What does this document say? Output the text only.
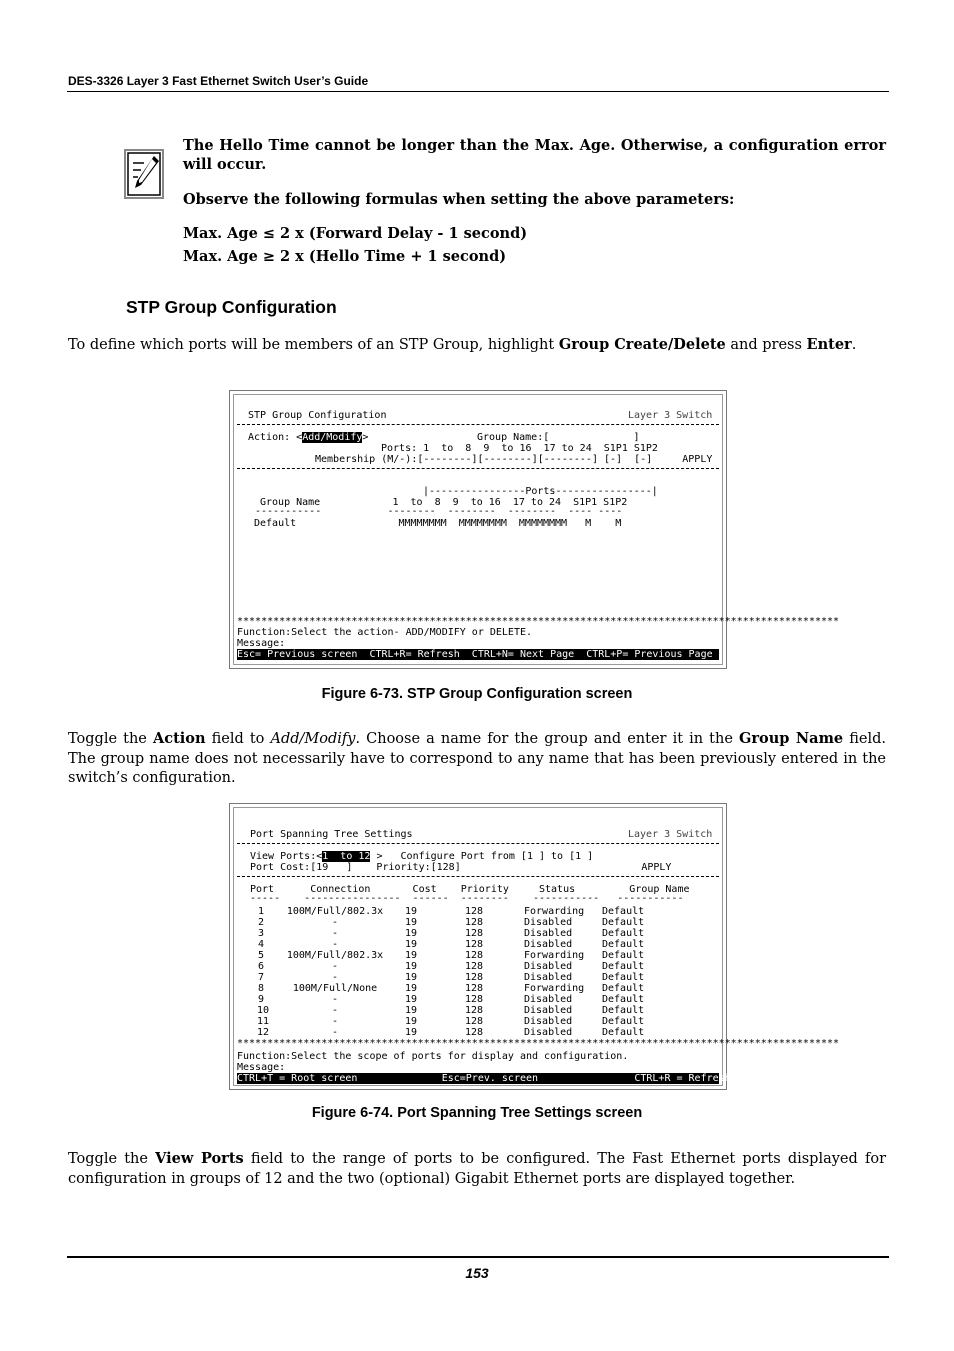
DES-3326 Layer 3 Fast Ethernet Switch User’s Guide
The Hello Time cannot be longer than the Max. Age. Otherwise, a configuration error will occur.
Observe the following formulas when setting the above parameters:
Max. Age ≤ 2 x (Forward Delay - 1 second)
Max. Age ≥ 2 x (Hello Time + 1 second)
STP Group Configuration
To define which ports will be members of an STP Group, highlight Group Create/Delete and press Enter.
STP Group Configuration	Layer 3 Switch
Action: <Add/Modify>	Group Name:[              ]
Ports: 1  to  8  9  to 16  17 to 24  S1P1 S1P2
Membership (M/-):[--------][--------][--------] [-]  [-]     APPLY
|----------------Ports----------------|
Group Name            1  to  8  9  to 16  17 to 24  S1P1 S1P2
-----------           --------  --------  --------  ---- ----
Default                 MMMMMMMM  MMMMMMMM  MMMMMMMM   M    M
****************************************************************************************************
Function:Select the action- ADD/MODIFY or DELETE.
Message:
Esc= Previous screen  CTRL+R= Refresh  CTRL+N= Next Page  CTRL+P= Previous Page
Figure 6-73. STP Group Configuration screen
Toggle the Action field to Add/Modify. Choose a name for the group and enter it in the Group Name field. The group name does not necessarily have to correspond to any name that has been previously entered in the switch’s configuration.
Port Spanning Tree Settings	Layer 3 Switch
View Ports:<1  to 12 >   Configure Port from [1 ] to [1 ]
Port Cost:[19   ]    Priority:[128]                              APPLY
Port      Connection       Cost    Priority     Status         Group Name
-----    ----------------  ------  --------    -----------   -----------
1 100M/Full/802.3x 19	128	Forwarding Default
2	-	19	128	Disabled	Default
3	-	19	128	Disabled	Default
4	-	19	128	Disabled	Default
5 100M/Full/802.3x 19	128	Forwarding Default
6	-	19	128	Disabled	Default
7	-	19	128	Disabled	Default
8	100M/Full/None	19	128	Forwarding Default
9	-	19	128	Disabled	Default
10	-	19	128	Disabled	Default
11	-	19	128	Disabled	Default
12	-	19	128	Disabled	Default
****************************************************************************************************
Function:Select the scope of ports for display and configuration.
Message:
CTRL+T = Root screen              Esc=Prev. screen                CTRL+R = Refresh
Figure 6-74. Port Spanning Tree Settings screen
Toggle the View Ports field to the range of ports to be configured. The Fast Ethernet ports displayed for configuration in groups of 12 and the two (optional) Gigabit Ethernet ports are displayed together.
153
